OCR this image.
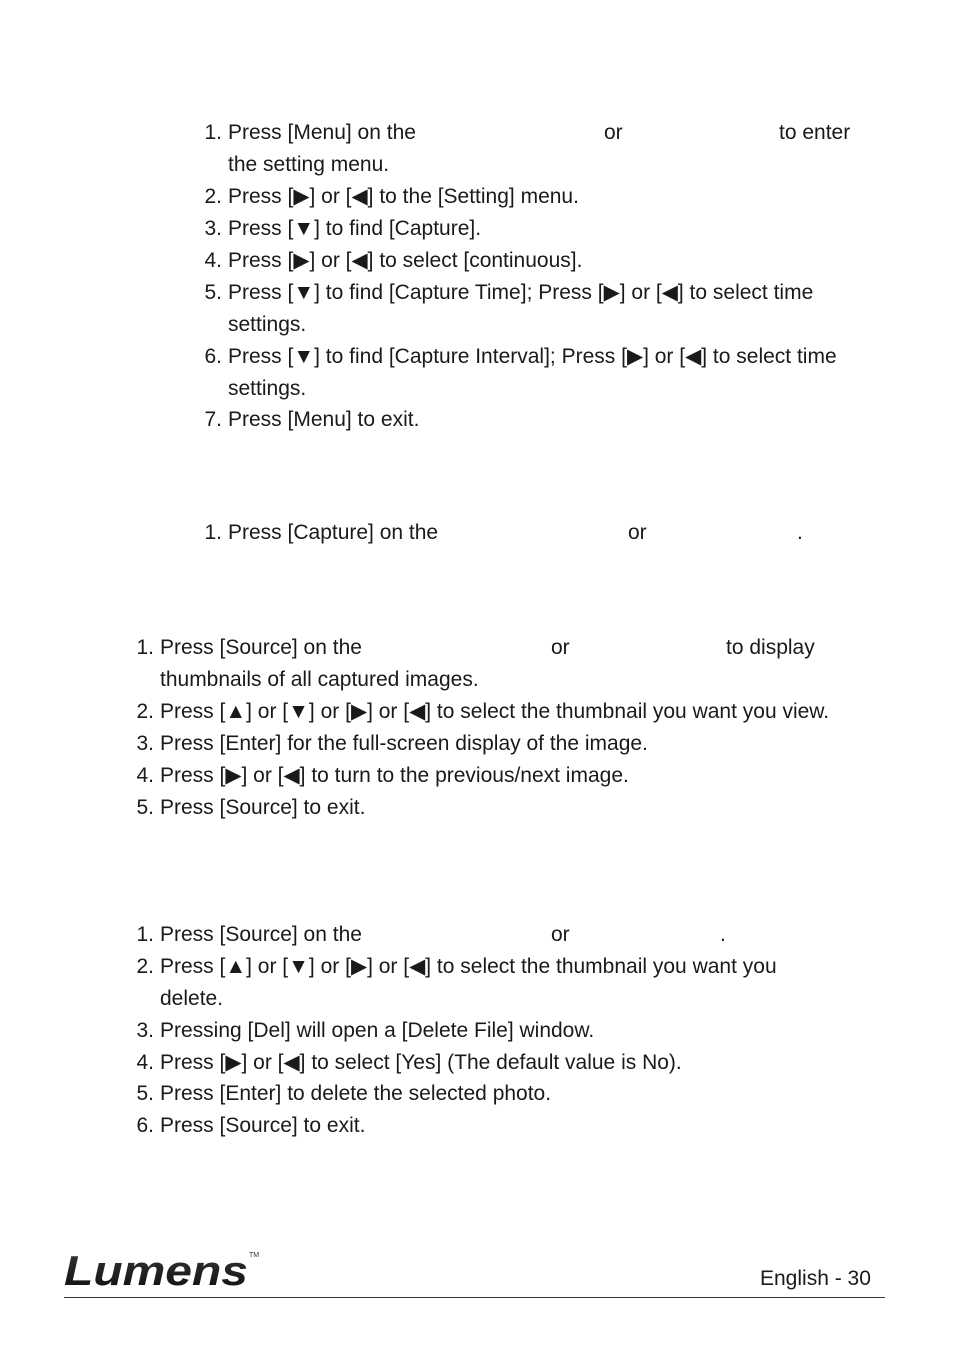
1. Press [Menu] on the	or	to enter
the setting menu.
2. Press [▶] or [◀] to the [Setting] menu.
3. Press [▼] to find [Capture].
4. Press [▶] or [◀] to select [continuous].
5. Press [▼] to find [Capture Time]; Press [▶] or [◀] to select time
settings.
6. Press [▼] to find [Capture Interval]; Press [▶] or [◀] to select time
settings.
7. Press [Menu] to exit.
1. Press [Capture] on the	or	.
1. Press [Source] on the	or	to display
thumbnails of all captured images.
2. Press [▲] or [▼] or [▶] or [◀] to select the thumbnail you want you view.
3. Press [Enter] for the full-screen display of the image.
4. Press [▶] or [◀] to turn to the previous/next image.
5. Press [Source] to exit.
1. Press [Source] on the	or	.
2. Press [▲] or [▼] or [▶] or [◀] to select the thumbnail you want you
delete.
3. Pressing [Del] will open a [Delete File] window.
4. Press [▶] or [◀] to select [Yes] (The default value is No).
5. Press [Enter] to delete the selected photo.
6. Press [Source] to exit.
Lumens TM
English - 30
